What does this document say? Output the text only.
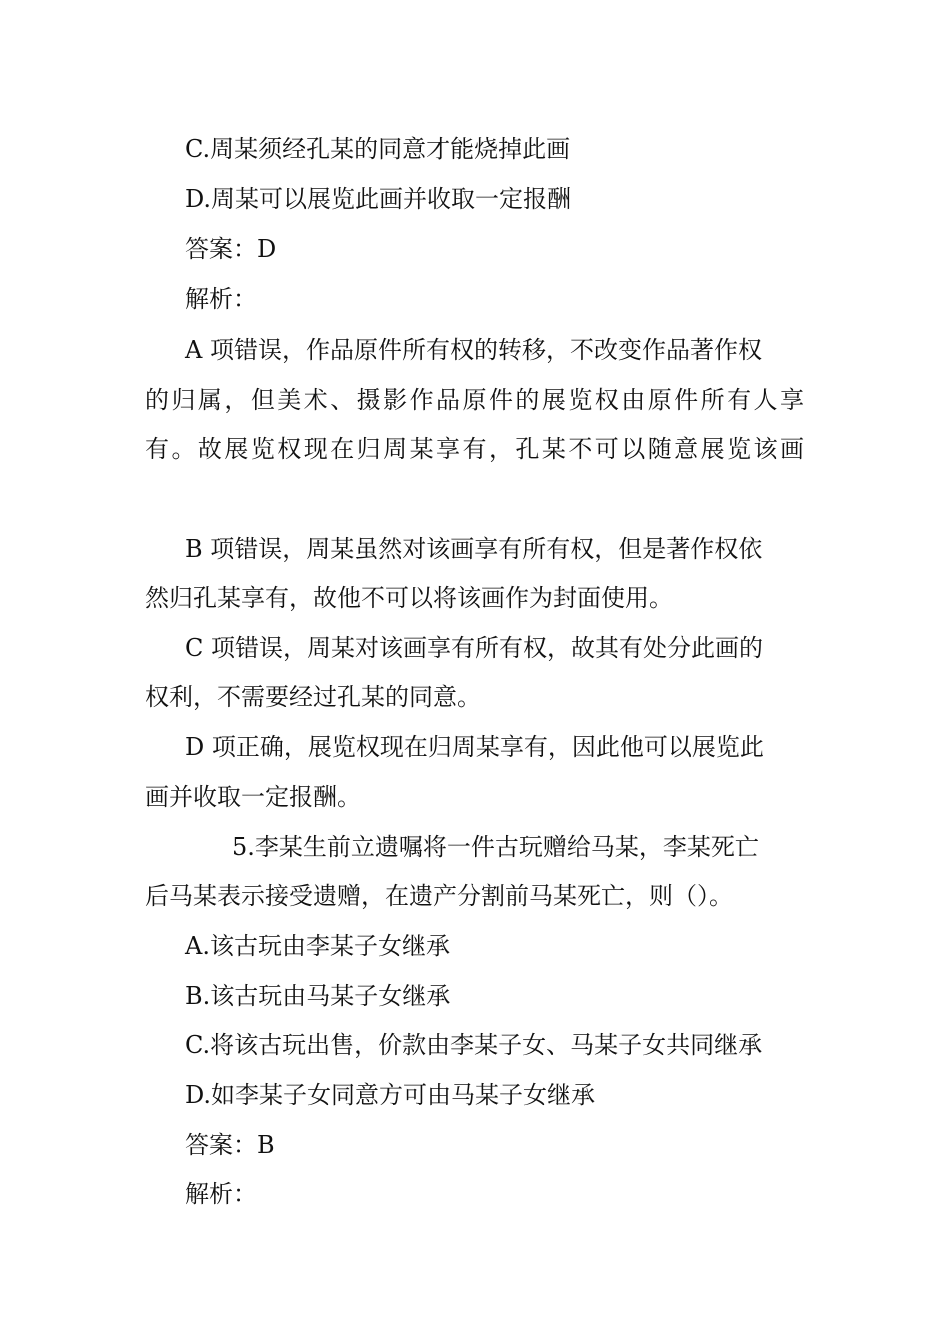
C.周某须经孔某的同意才能烧掉此画
D.周某可以展览此画并收取一定报酬
答案：D
解析：
A 项错误，作品原件所有权的转移，不改变作品著作权
的归属，但美术、摄影作品原件的展览权由原件所有人享
有。故展览权现在归周某享有，孔某不可以随意展览该画
B 项错误，周某虽然对该画享有所有权，但是著作权依
然归孔某享有，故他不可以将该画作为封面使用。
C 项错误，周某对该画享有所有权，故其有处分此画的
权利，不需要经过孔某的同意。
D 项正确，展览权现在归周某享有，因此他可以展览此
画并收取一定报酬。
5.李某生前立遗嘱将一件古玩赠给马某，李某死亡
后马某表示接受遗赠，在遗产分割前马某死亡，则（）。
A.该古玩由李某子女继承
B.该古玩由马某子女继承
C.将该古玩出售，价款由李某子女、马某子女共同继承
D.如李某子女同意方可由马某子女继承
答案：B
解析：
